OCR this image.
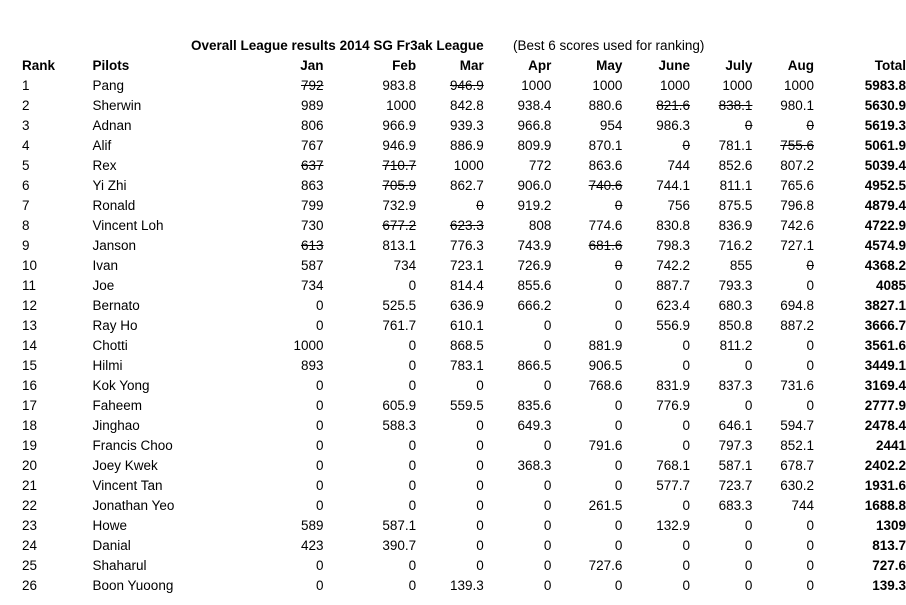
Overall League results 2014 SG Fr3ak League (Best 6 scores used for ranking)
Rank	Pilots	Jan	Feb	Mar	Apr	May	June	July	Aug	Total
1	Pang	792	983.8	946.9	1000	1000	1000	1000	1000	5983.8
2	Sherwin	989	1000	842.8	938.4	880.6	821.6	838.1	980.1	5630.9
3	Adnan	806	966.9	939.3	966.8	954	986.3	0	0	5619.3
4	Alif	767	946.9	886.9	809.9	870.1	0	781.1	755.6	5061.9
5	Rex	637	710.7	1000	772	863.6	744	852.6	807.2	5039.4
6	Yi Zhi	863	705.9	862.7	906.0	740.6	744.1	811.1	765.6	4952.5
7	Ronald	799	732.9	0	919.2	0	756	875.5	796.8	4879.4
8	Vincent Loh	730	677.2	623.3	808	774.6	830.8	836.9	742.6	4722.9
9	Janson	613	813.1	776.3	743.9	681.6	798.3	716.2	727.1	4574.9
10	Ivan	587	734	723.1	726.9	0	742.2	855	0	4368.2
11	Joe	734	0	814.4	855.6	0	887.7	793.3	0	4085
12	Bernato	0	525.5	636.9	666.2	0	623.4	680.3	694.8	3827.1
13	Ray Ho	0	761.7	610.1	0	0	556.9	850.8	887.2	3666.7
14	Chotti	1000	0	868.5	0	881.9	0	811.2	0	3561.6
15	Hilmi	893	0	783.1	866.5	906.5	0	0	0	3449.1
16	Kok Yong	0	0	0	0	768.6	831.9	837.3	731.6	3169.4
17	Faheem	0	605.9	559.5	835.6	0	776.9	0	0	2777.9
18	Jinghao	0	588.3	0	649.3	0	0	646.1	594.7	2478.4
19	Francis Choo	0	0	0	0	791.6	0	797.3	852.1	2441
20	Joey Kwek	0	0	0	368.3	0	768.1	587.1	678.7	2402.2
21	Vincent Tan	0	0	0	0	0	577.7	723.7	630.2	1931.6
22	Jonathan Yeo	0	0	0	0	261.5	0	683.3	744	1688.8
23	Howe	589	587.1	0	0	0	132.9	0	0	1309
24	Danial	423	390.7	0	0	0	0	0	0	813.7
25	Shaharul	0	0	0	0	727.6	0	0	0	727.6
26	Boon Yuoong	0	0	139.3	0	0	0	0	0	139.3
